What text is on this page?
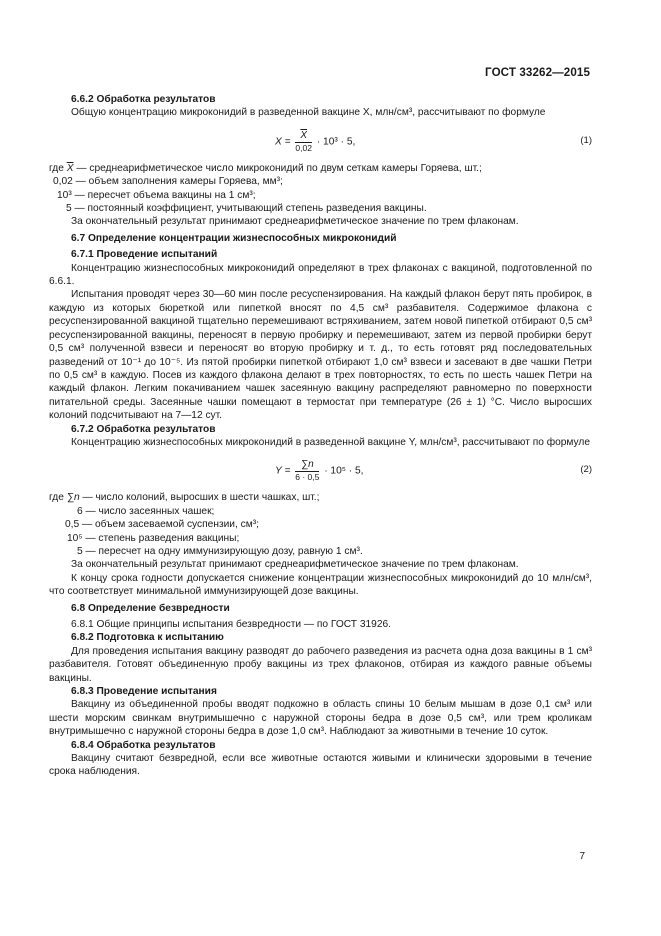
ГОСТ 33262—2015

6.6.2 Обработка результатов

Общую концентрацию микроконидий в разведенной вакцине X, млн/см³, рассчитывают по формуле

$X = \frac{\overline{X}}{0,02} \cdot 10^3 \cdot 5$,	(1)

где $\overline{X}$ — среднеарифметическое число микроконидий по двум сеткам камеры Горяева, шт.;

0,02 — объем заполнения камеры Горяева, мм³;

10³ — пересчет объема вакцины на 1 см³;

5 — постоянный коэффициент, учитывающий степень разведения вакцины.

За окончательный результат принимают среднеарифметическое значение по трем флаконам.

6.7 Определение концентрации жизнеспособных микроконидий

6.7.1 Проведение испытаний

Концентрацию жизнеспособных микроконидий определяют в трех флаконах с вакциной, подготовленной по 6.6.1.

Испытания проводят через 30—60 мин после ресуспензирования. На каждый флакон берут пять пробирок, в каждую из которых бюреткой или пипеткой вносят по 4,5 см³ разбавителя. Содержимое флакона с ресуспензированной вакциной тщательно перемешивают встряхиванием, затем новой пипеткой отбирают 0,5 см³ ресуспензированной вакцины, переносят в первую пробирку и перемешивают, затем из первой пробирки берут 0,5 см³ полученной взвеси и переносят во вторую пробирку и т. д., то есть готовят ряд последовательных разведений от 10⁻¹ до 10⁻⁵. Из пятой пробирки пипеткой отбирают 1,0 см³ взвеси и засевают в две чашки Петри по 0,5 см³ в каждую. Посев из каждого флакона делают в трех повторностях, то есть по шесть чашек Петри на каждый флакон. Легким покачиванием чашек засеянную вакцину распределяют равномерно по поверхности питательной среды. Засеянные чашки помещают в термостат при температуре (26 ± 1) °C. Число выросших колоний подсчитывают на 7—12 сут.

6.7.2 Обработка результатов

Концентрацию жизнеспособных микроконидий в разведенной вакцине Y, млн/см³, рассчитывают по формуле

$Y = \frac{\sum n}{6 \cdot 0,5} \cdot 10^5 \cdot 5$,	(2)

где ∑n — число колоний, выросших в шести чашках, шт.;

6 — число засеянных чашек;

0,5 — объем засеваемой суспензии, см³;

10⁵ — степень разведения вакцины;

5 — пересчет на одну иммунизирующую дозу, равную 1 см³.

За окончательный результат принимают среднеарифметическое значение по трем флаконам.

К концу срока годности допускается снижение концентрации жизнеспособных микроконидий до 10 млн/см³, что соответствует минимальной иммунизирующей дозе вакцины.

6.8 Определение безвредности

6.8.1 Общие принципы испытания безвредности — по ГОСТ 31926.

6.8.2 Подготовка к испытанию

Для проведения испытания вакцину разводят до рабочего разведения из расчета одна доза вакцины в 1 см³ разбавителя. Готовят объединенную пробу вакцины из трех флаконов, отбирая из каждого равные объемы вакцины.

6.8.3 Проведение испытания

Вакцину из объединенной пробы вводят подкожно в область спины 10 белым мышам в дозе 0,1 см³ или шести морским свинкам внутримышечно с наружной стороны бедра в дозе 0,5 см³, или трем кроликам внутримышечно с наружной стороны бедра в дозе 1,0 см³. Наблюдают за животными в течение 10 суток.

6.8.4 Обработка результатов

Вакцину считают безвредной, если все животные остаются живыми и клинически здоровыми в течение срока наблюдения.

7
